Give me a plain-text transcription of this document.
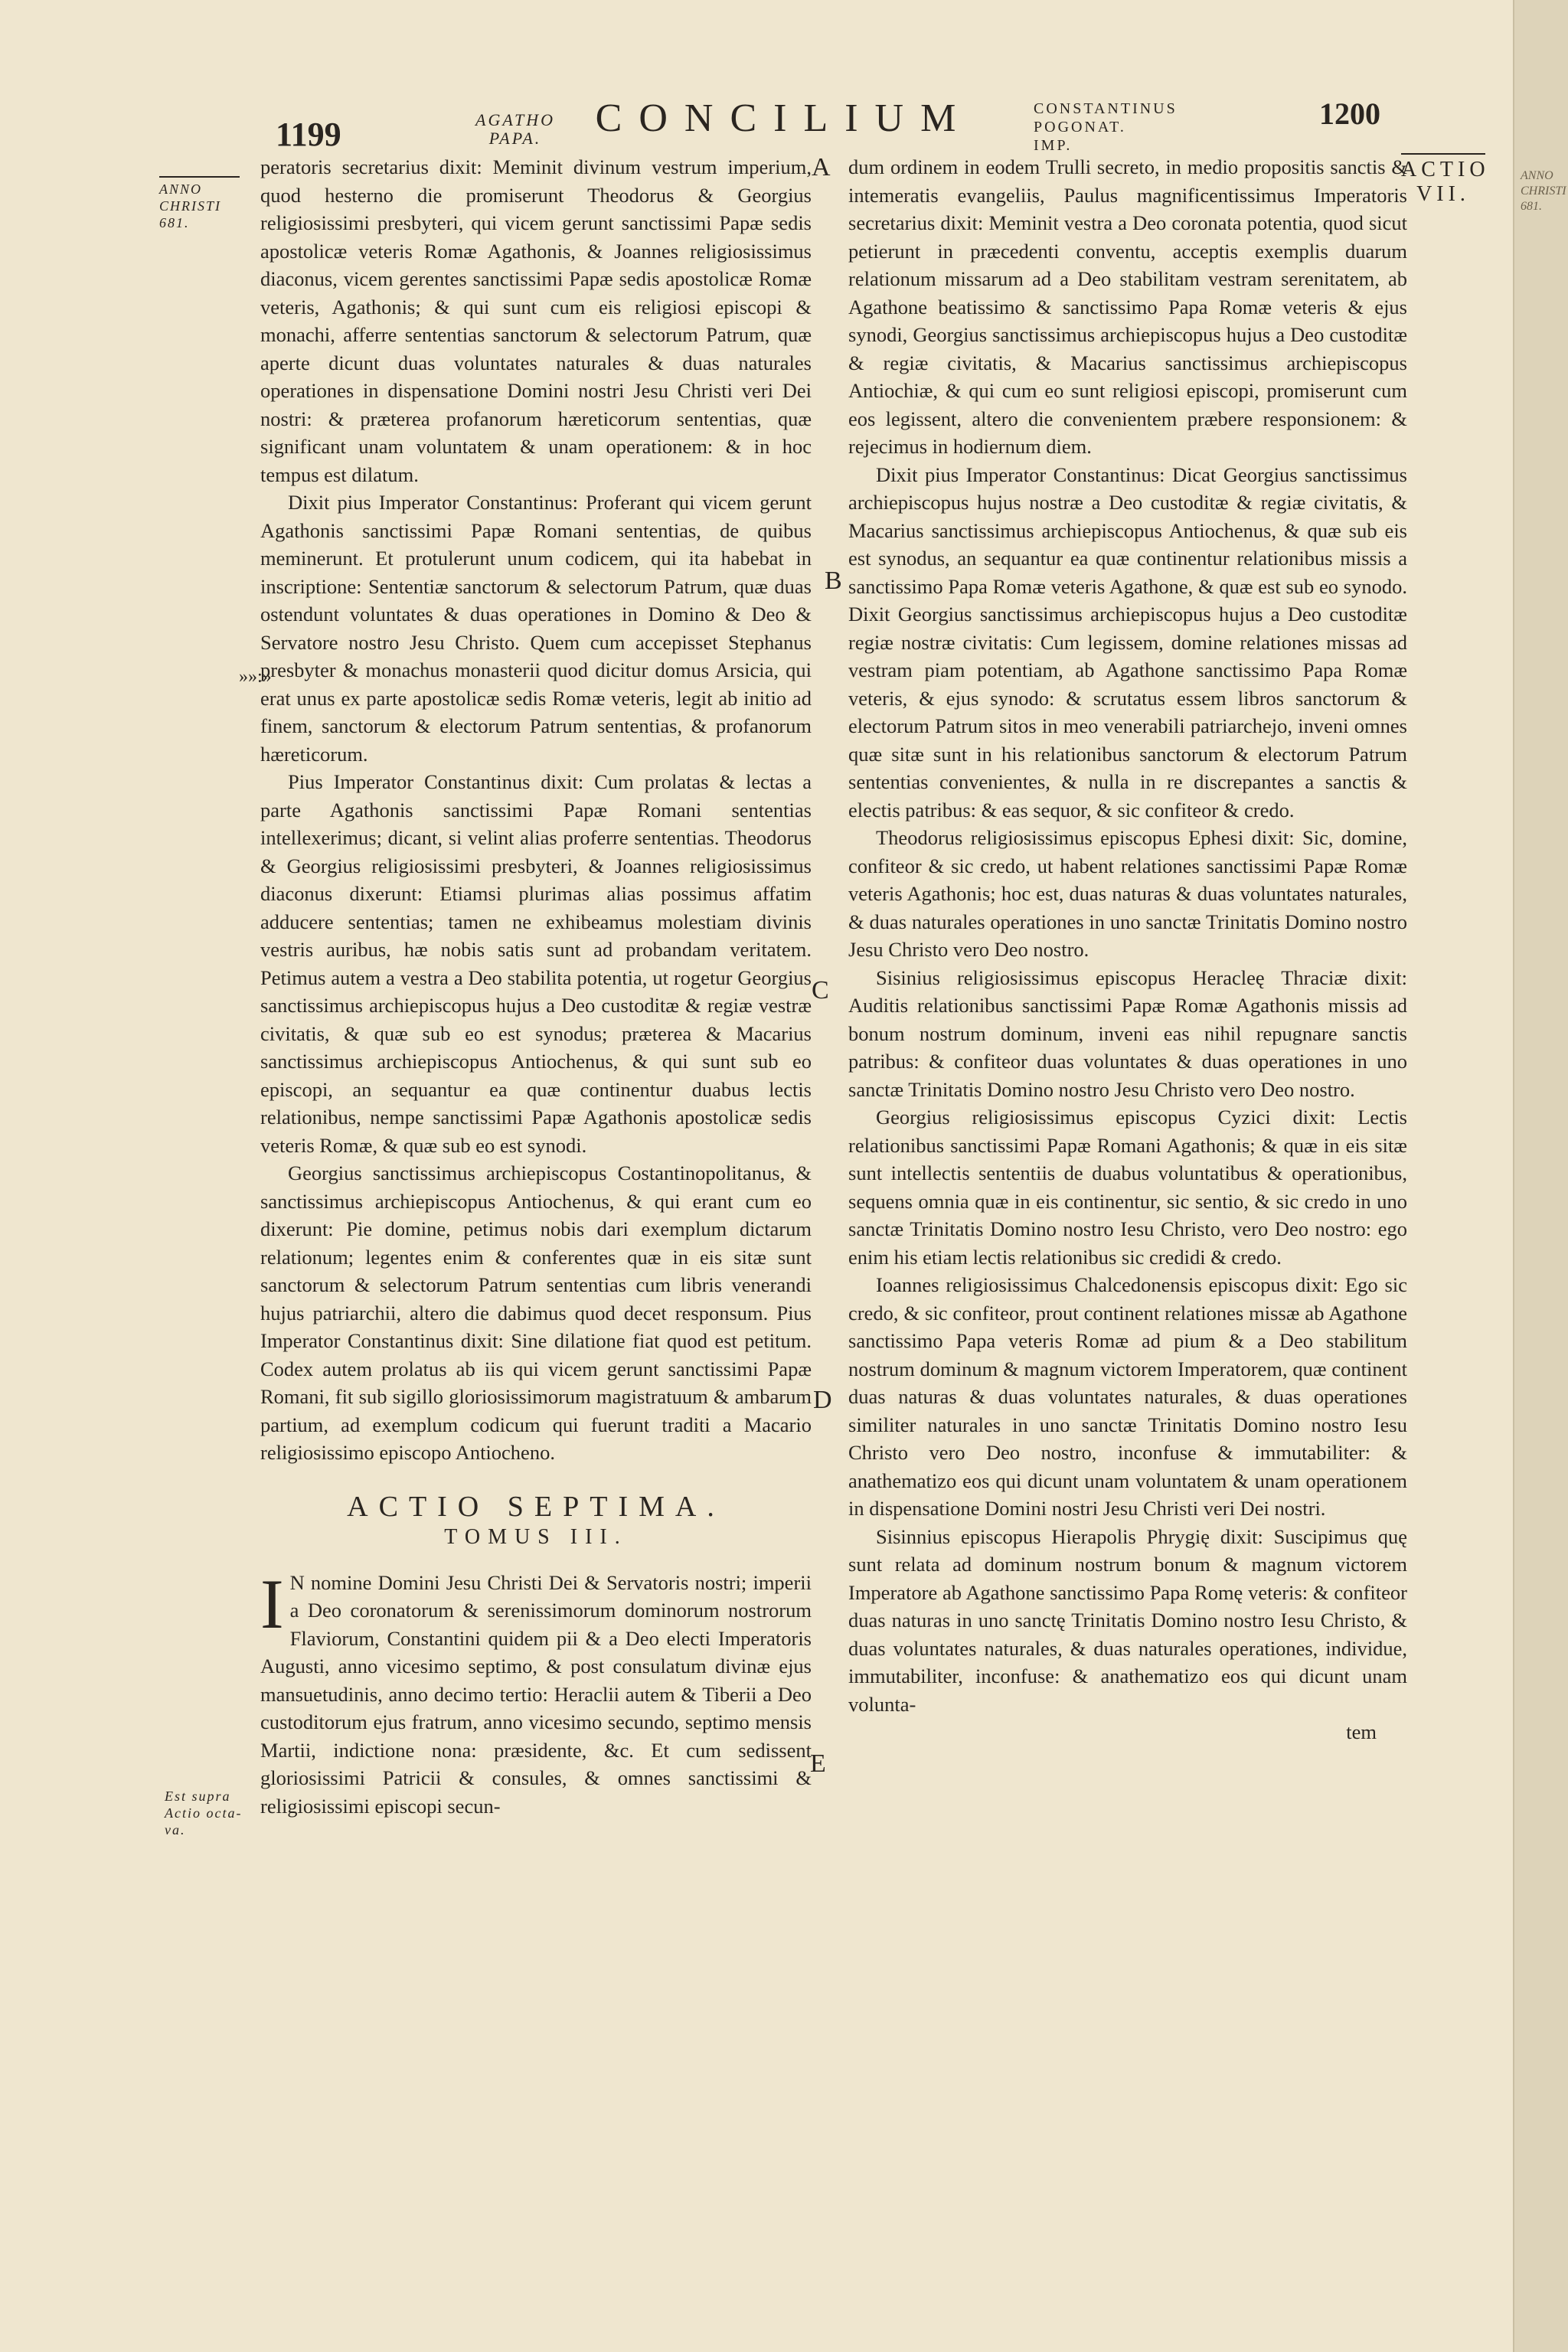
ANNO CHRISTI 681.
1199	AGATHO PAPA.	CONCILIUM	CONSTANTINUS POGONAT. IMP.
1200
ANNO CHRISTI 681.
ACTIO VII.
Est supra Actio octa-va.
»»:»
A
B
C
D
E

peratoris secretarius dixit: Meminit divinum vestrum imperium, quod hesterno die promiserunt Theodorus & Georgius religiosissimi presbyteri, qui vicem gerunt sanctissimi Papæ sedis apostolicæ veteris Romæ Agathonis, & Joannes religiosissimus diaconus, vicem gerentes sanctissimi Papæ sedis apostolicæ Romæ veteris, Agathonis; & qui sunt cum eis religiosi episcopi & monachi, afferre sententias sanctorum & selectorum Patrum, quæ aperte dicunt duas voluntates naturales & duas naturales operationes in dispensatione Domini nostri Jesu Christi veri Dei nostri: & præterea profanorum hæreticorum sententias, quæ significant unam voluntatem & unam operationem: & in hoc tempus est dilatum.

Dixit pius Imperator Constantinus: Proferant qui vicem gerunt Agathonis sanctissimi Papæ Romani sententias, de quibus meminerunt. Et protulerunt unum codicem, qui ita habebat in inscriptione: Sententiæ sanctorum & selectorum Patrum, quæ duas ostendunt voluntates & duas operationes in Domino & Deo & Servatore nostro Jesu Christo. Quem cum accepisset Stephanus presbyter & monachus monasterii quod dicitur domus Arsicia, qui erat unus ex parte apostolicæ sedis Romæ veteris, legit ab initio ad finem, sanctorum & electorum Patrum sententias, & profanorum hæreticorum.

Pius Imperator Constantinus dixit: Cum prolatas & lectas a parte Agathonis sanctissimi Papæ Romani sententias intellexerimus; dicant, si velint alias proferre sententias. Theodorus & Georgius religiosissimi presbyteri, & Joannes religiosissimus diaconus dixerunt: Etiamsi plurimas alias possimus affatim adducere sententias; tamen ne exhibeamus molestiam divinis vestris auribus, hæ nobis satis sunt ad probandam veritatem. Petimus autem a vestra a Deo stabilita potentia, ut rogetur Georgius sanctissimus archiepiscopus hujus a Deo custoditæ & regiæ vestræ civitatis, & quæ sub eo est synodus; præterea & Macarius sanctissimus archiepiscopus Antiochenus, & qui sunt sub eo episcopi, an sequantur ea quæ continentur duabus lectis relationibus, nempe sanctissimi Papæ Agathonis apostolicæ sedis veteris Romæ, & quæ sub eo est synodi.

Georgius sanctissimus archiepiscopus Costantinopolitanus, & sanctissimus archiepiscopus Antiochenus, & qui erant cum eo dixerunt: Pie domine, petimus nobis dari exemplum dictarum relationum; legentes enim & conferentes quæ in eis sitæ sunt sanctorum & selectorum Patrum sententias cum libris venerandi hujus patriarchii, altero die dabimus quod decet responsum. Pius Imperator Constantinus dixit: Sine dilatione fiat quod est petitum. Codex autem prolatus ab iis qui vicem gerunt sanctissimi Papæ Romani, fit sub sigillo gloriosissimorum magistratuum & ambarum partium, ad exemplum codicum qui fuerunt traditi a Macario religiosissimo episcopo Antiocheno.

ACTIO SEPTIMA.
TOMUS III.

I N nomine Domini Jesu Christi Dei & Servatoris nostri; imperii a Deo coronatorum & serenissimorum dominorum nostrorum Flaviorum, Constantini quidem pii & a Deo electi Imperatoris Augusti, anno vicesimo septimo, & post consulatum divinæ ejus mansuetudinis, anno decimo tertio: Heraclii autem & Tiberii a Deo custoditorum ejus fratrum, anno vicesimo secundo, septimo mensis Martii, indictione nona: præsidente, &c. Et cum sedissent gloriosissimi Patricii & consules, & omnes sanctissimi & religiosissimi episcopi secun-

dum ordinem in eodem Trulli secreto, in medio propositis sanctis & intemeratis evangeliis, Paulus magnificentissimus Imperatoris secretarius dixit: Meminit vestra a Deo coronata potentia, quod sicut petierunt in præcedenti conventu, acceptis exemplis duarum relationum missarum ad a Deo stabilitam vestram serenitatem, ab Agathone beatissimo & sanctissimo Papa Romæ veteris & ejus synodi, Georgius sanctissimus archiepiscopus hujus a Deo custoditæ & regiæ civitatis, & Macarius sanctissimus archiepiscopus Antiochiæ, & qui cum eo sunt religiosi episcopi, promiserunt cum eos legissent, altero die convenientem præbere responsionem: & rejecimus in hodiernum diem.

Dixit pius Imperator Constantinus: Dicat Georgius sanctissimus archiepiscopus hujus nostræ a Deo custoditæ & regiæ civitatis, & Macarius sanctissimus archiepiscopus Antiochenus, & quæ sub eis est synodus, an sequantur ea quæ continentur relationibus missis a sanctissimo Papa Romæ veteris Agathone, & quæ est sub eo synodo. Dixit Georgius sanctissimus archiepiscopus hujus a Deo custoditæ regiæ nostræ civitatis: Cum legissem, domine relationes missas ad vestram piam potentiam, ab Agathone sanctissimo Papa Romæ veteris, & ejus synodo: & scrutatus essem libros sanctorum & electorum Patrum sitos in meo venerabili patriarchejo, inveni omnes quæ sitæ sunt in his relationibus sanctorum & electorum Patrum sententias convenientes, & nulla in re discrepantes a sanctis & electis patribus: & eas sequor, & sic confiteor & credo.

Theodorus religiosissimus episcopus Ephesi dixit: Sic, domine, confiteor & sic credo, ut habent relationes sanctissimi Papæ Romæ veteris Agathonis; hoc est, duas naturas & duas voluntates naturales, & duas naturales operationes in uno sanctæ Trinitatis Domino nostro Jesu Christo vero Deo nostro.

Sisinius religiosissimus episcopus Heracleę Thraciæ dixit: Auditis relationibus sanctissimi Papæ Romæ Agathonis missis ad bonum nostrum dominum, inveni eas nihil repugnare sanctis patribus: & confiteor duas voluntates & duas operationes in uno sanctæ Trinitatis Domino nostro Jesu Christo vero Deo nostro.

Georgius religiosissimus episcopus Cyzici dixit: Lectis relationibus sanctissimi Papæ Romani Agathonis; & quæ in eis sitæ sunt intellectis sententiis de duabus voluntatibus & operationibus, sequens omnia quæ in eis continentur, sic sentio, & sic credo in uno sanctæ Trinitatis Domino nostro Iesu Christo, vero Deo nostro: ego enim his etiam lectis relationibus sic credidi & credo.

Ioannes religiosissimus Chalcedonensis episcopus dixit: Ego sic credo, & sic confiteor, prout continent relationes missæ ab Agathone sanctissimo Papa veteris Romæ ad pium & a Deo stabilitum nostrum dominum & magnum victorem Imperatorem, quæ continent duas naturas & duas voluntates naturales, & duas operationes similiter naturales in uno sanctæ Trinitatis Domino nostro Iesu Christo vero Deo nostro, inconfuse & immutabiliter: & anathematizo eos qui dicunt unam voluntatem & unam operationem in dispensatione Domini nostri Jesu Christi veri Dei nostri.

Sisinnius episcopus Hierapolis Phrygię dixit: Suscipimus quę sunt relata ad dominum nostrum bonum & magnum victorem Imperatore ab Agathone sanctissimo Papa Romę veteris: & confiteor duas naturas in uno sanctę Trinitatis Domino nostro Iesu Christo, & duas voluntates naturales, & duas naturales operationes, individue, immutabiliter, inconfuse: & anathematizo eos qui dicunt unam volunta-

tem
